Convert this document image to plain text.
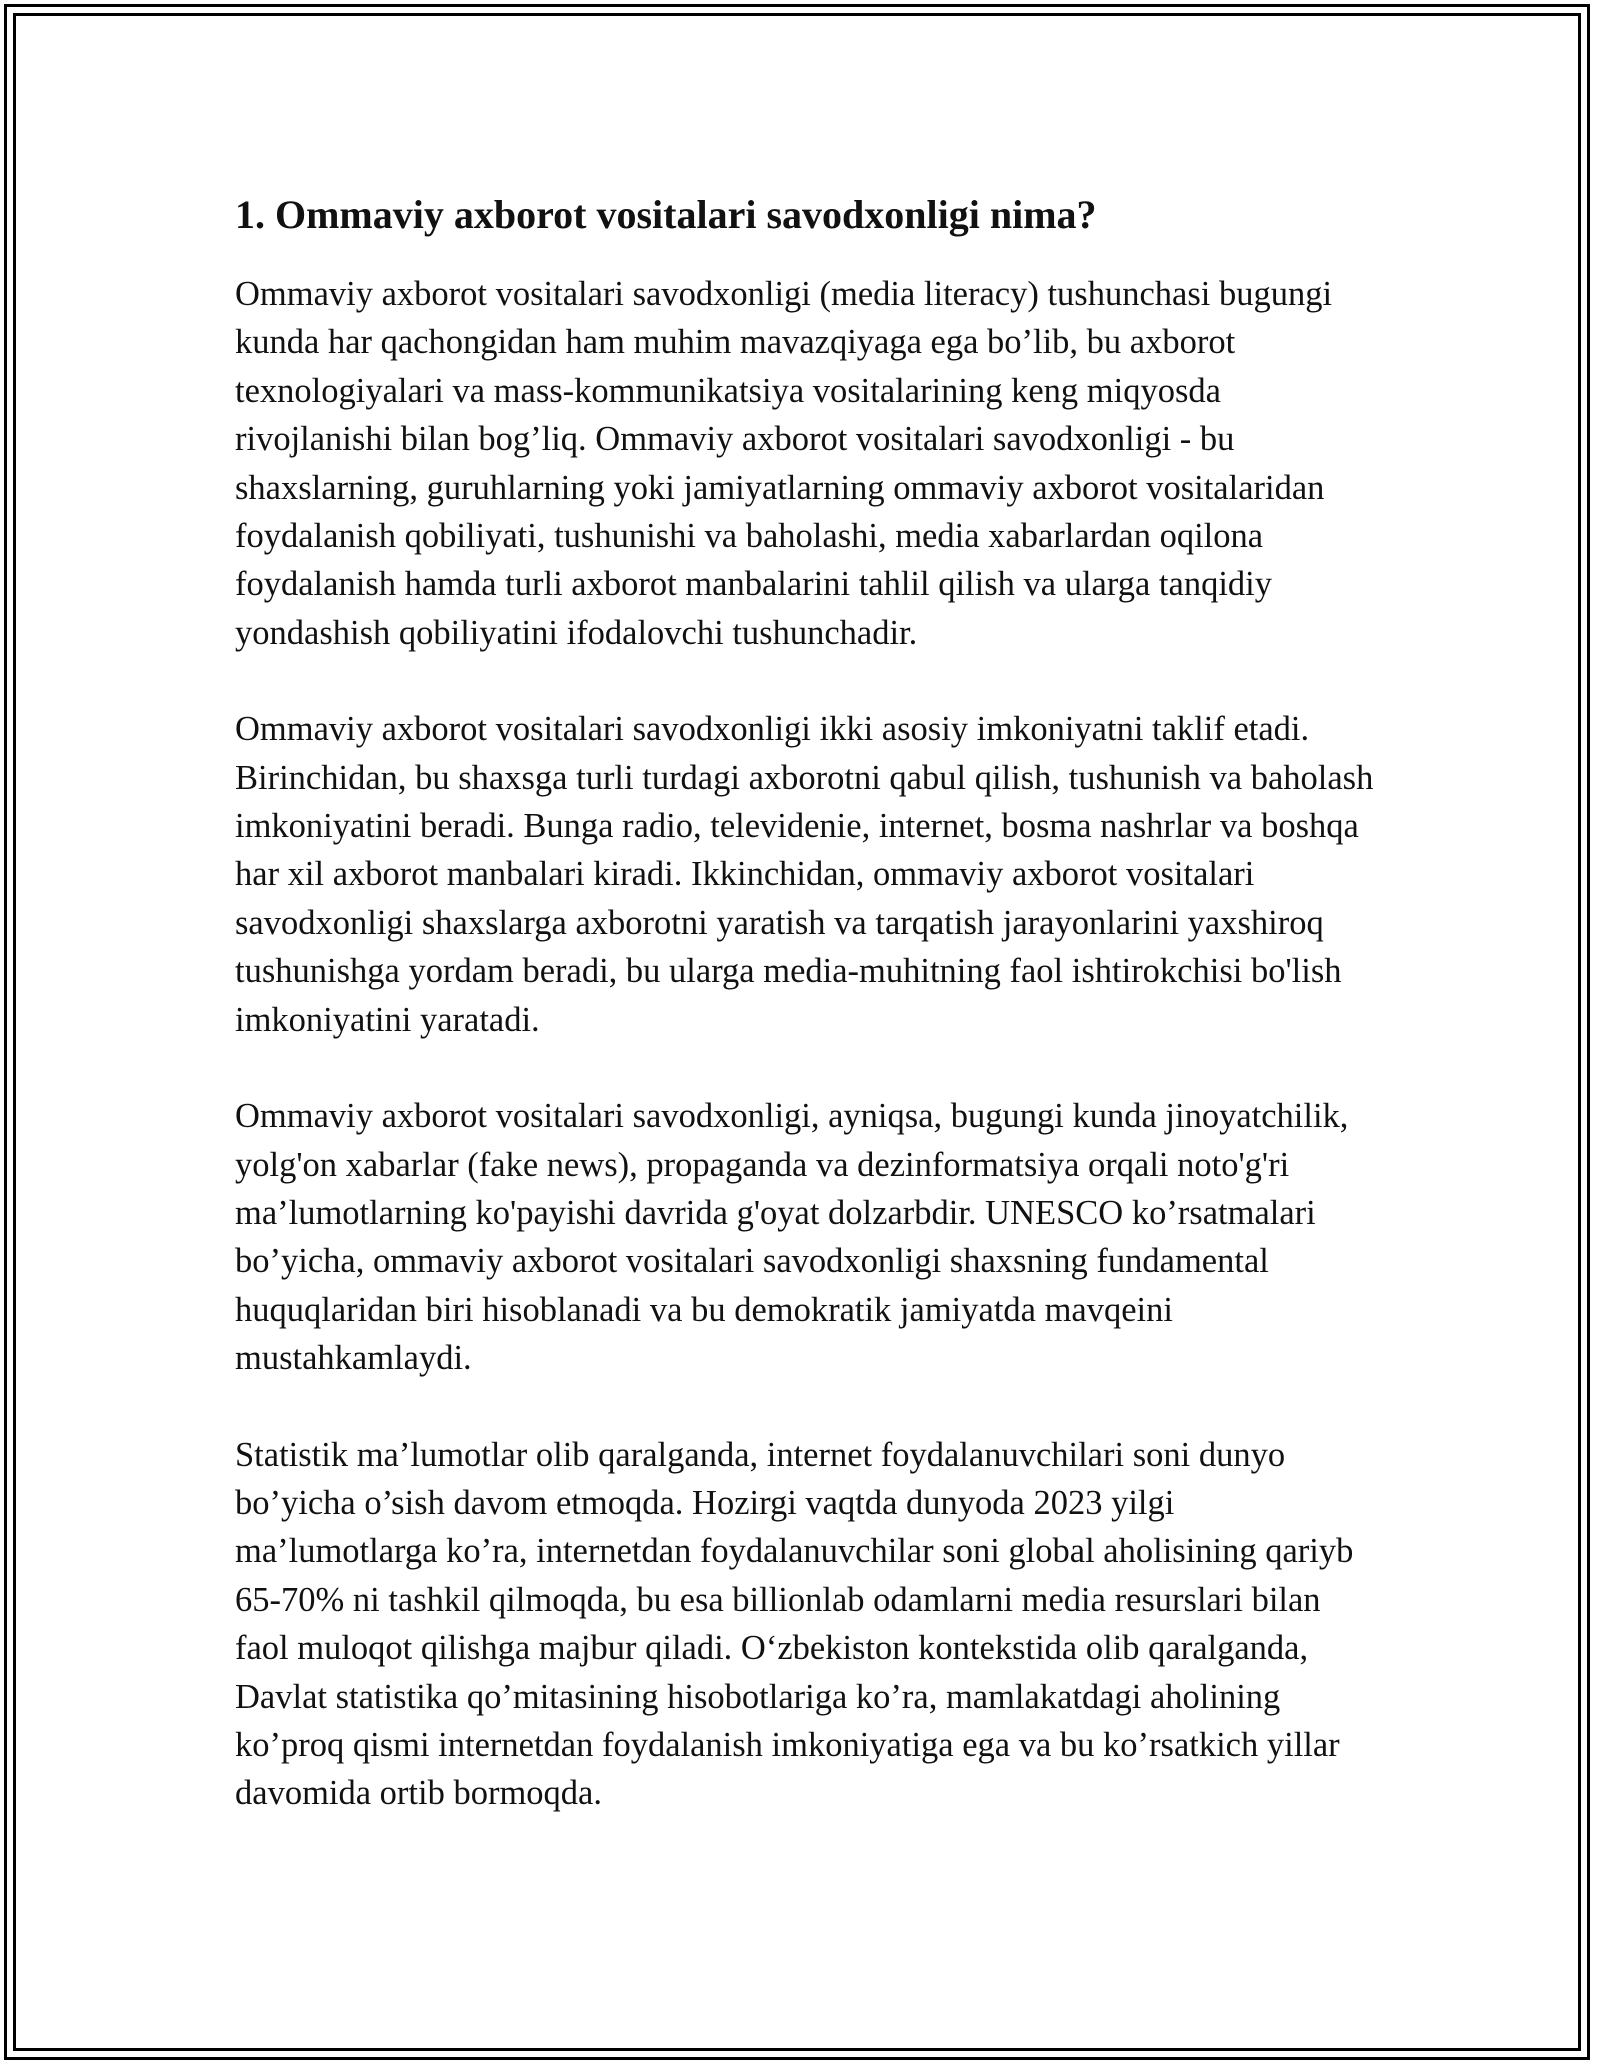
1. Ommaviy axborot vositalari savodxonligi nima?

Ommaviy axborot vositalari savodxonligi (media literacy) tushunchasi bugungi kunda har qachongidan ham muhim mavazqiyaga ega bo’lib, bu axborot texnologiyalari va mass-kommunikatsiya vositalarining keng miqyosda rivojlanishi bilan bog’liq. Ommaviy axborot vositalari savodxonligi - bu shaxslarning, guruhlarning yoki jamiyatlarning ommaviy axborot vositalaridan foydalanish qobiliyati, tushunishi va baholashi, media xabarlardan oqilona foydalanish hamda turli axborot manbalarini tahlil qilish va ularga tanqidiy yondashish qobiliyatini ifodalovchi tushunchadir.

Ommaviy axborot vositalari savodxonligi ikki asosiy imkoniyatni taklif etadi. Birinchidan, bu shaxsga turli turdagi axborotni qabul qilish, tushunish va baholash imkoniyatini beradi. Bunga radio, televidenie, internet, bosma nashrlar va boshqa har xil axborot manbalari kiradi. Ikkinchidan, ommaviy axborot vositalari savodxonligi shaxslarga axborotni yaratish va tarqatish jarayonlarini yaxshiroq tushunishga yordam beradi, bu ularga media-muhitning faol ishtirokchisi bo'lish imkoniyatini yaratadi.

Ommaviy axborot vositalari savodxonligi, ayniqsa, bugungi kunda jinoyatchilik, yolg'on xabarlar (fake news), propaganda va dezinformatsiya orqali noto'g'ri ma’lumotlarning ko'payishi davrida g'oyat dolzarbdir. UNESCO ko’rsatmalari bo’yicha, ommaviy axborot vositalari savodxonligi shaxsning fundamental huquqlaridan biri hisoblanadi va bu demokratik jamiyatda mavqeini mustahkamlaydi.

Statistik ma’lumotlar olib qaralganda, internet foydalanuvchilari soni dunyo bo’yicha o’sish davom etmoqda. Hozirgi vaqtda dunyoda 2023 yilgi ma’lumotlarga ko’ra, internetdan foydalanuvchilar soni global aholisining qariyb 65-70% ni tashkil qilmoqda, bu esa billionlab odamlarni media resurslari bilan faol muloqot qilishga majbur qiladi. O‘zbekiston kontekstida olib qaralganda, Davlat statistika qo’mitasining hisobotlariga ko’ra, mamlakatdagi aholining ko’proq qismi internetdan foydalanish imkoniyatiga ega va bu ko’rsatkich yillar davomida ortib bormoqda.
